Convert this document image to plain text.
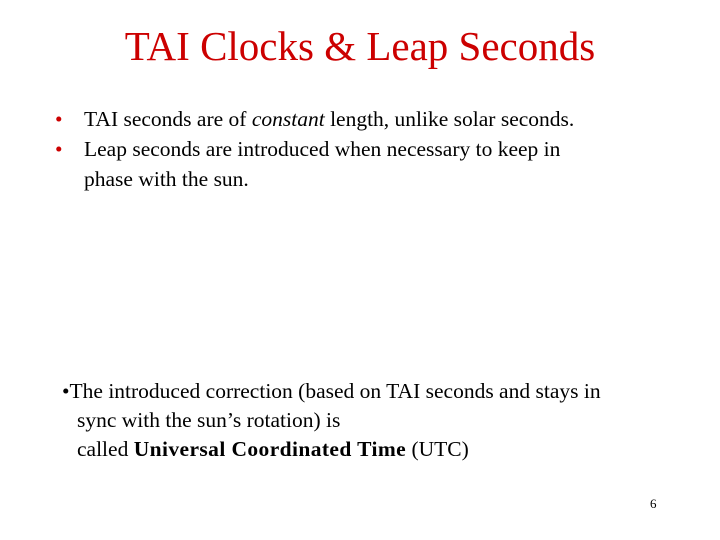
TAI Clocks & Leap Seconds
• TAI seconds are of constant length, unlike solar seconds.
• Leap seconds are introduced when necessary to keep in
phase with the sun.
•The introduced correction (based on TAI seconds and stays in
sync with the sun’s rotation) is
called Universal Coordinated Time (UTC)
6
